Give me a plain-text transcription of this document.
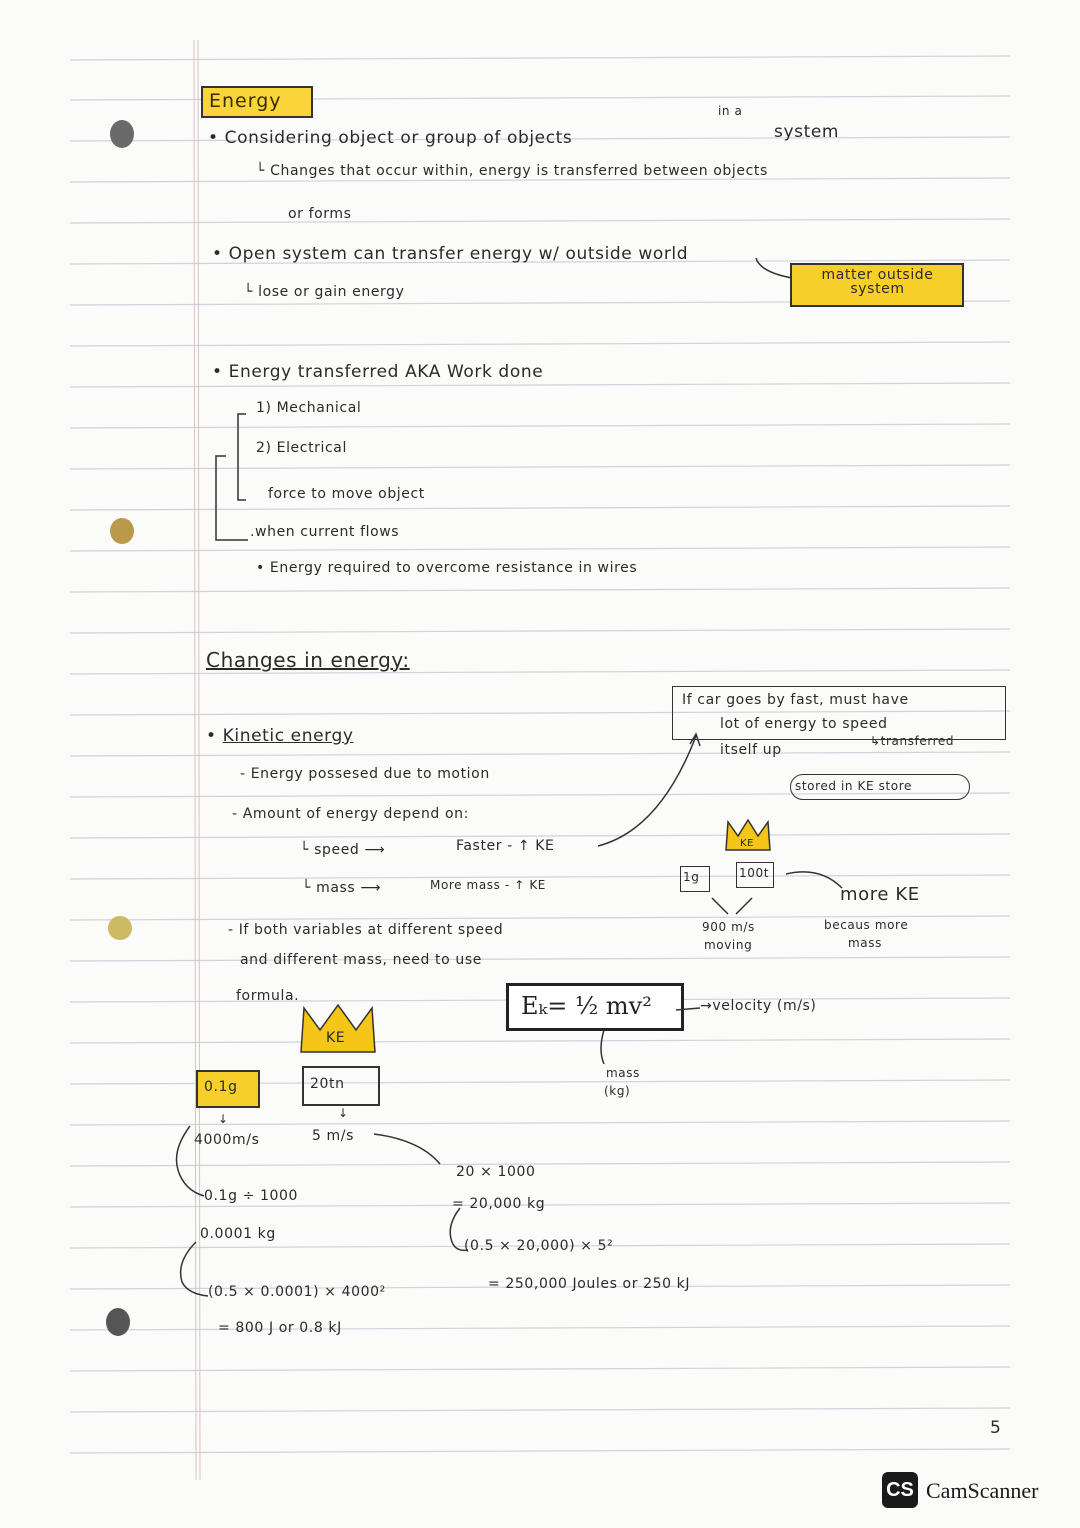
Energy
• Considering object or group of objects
in a
system
└ Changes that occur within, energy is transferred between objects
or forms
• Open system can transfer energy w/ outside world
└ lose or gain energy
matter outside system
• Energy transferred AKA Work done
1) Mechanical
2) Electrical
force to move object
.when current flows
• Energy required to overcome resistance in wires
Changes in energy:
• Kinetic energy
- Energy possesed due to motion
- Amount of energy depend on:
└ speed ⟶	Faster - ↑ KE
└ mass ⟶	More mass - ↑ KE
- If both variables at different speed
and different mass, need to use
formula.
If car goes by fast, must have
lot of energy to speed
↳transferred
itself up
stored in KE store
KE
1g	100t
900 m/s
moving
more KE
becaus more
mass
Eₖ= ½ mv²	→velocity (m/s)
mass
(kg)
KE
0.1g	20tn
↓	↓
4000m/s	5 m/s
0.1g ÷ 1000
0.0001 kg
(0.5 × 0.0001) × 4000²
= 800 J or 0.8 kJ
20 × 1000
= 20,000 kg
(0.5 × 20,000) × 5²
= 250,000 Joules or 250 kJ
5
CS CamScanner
